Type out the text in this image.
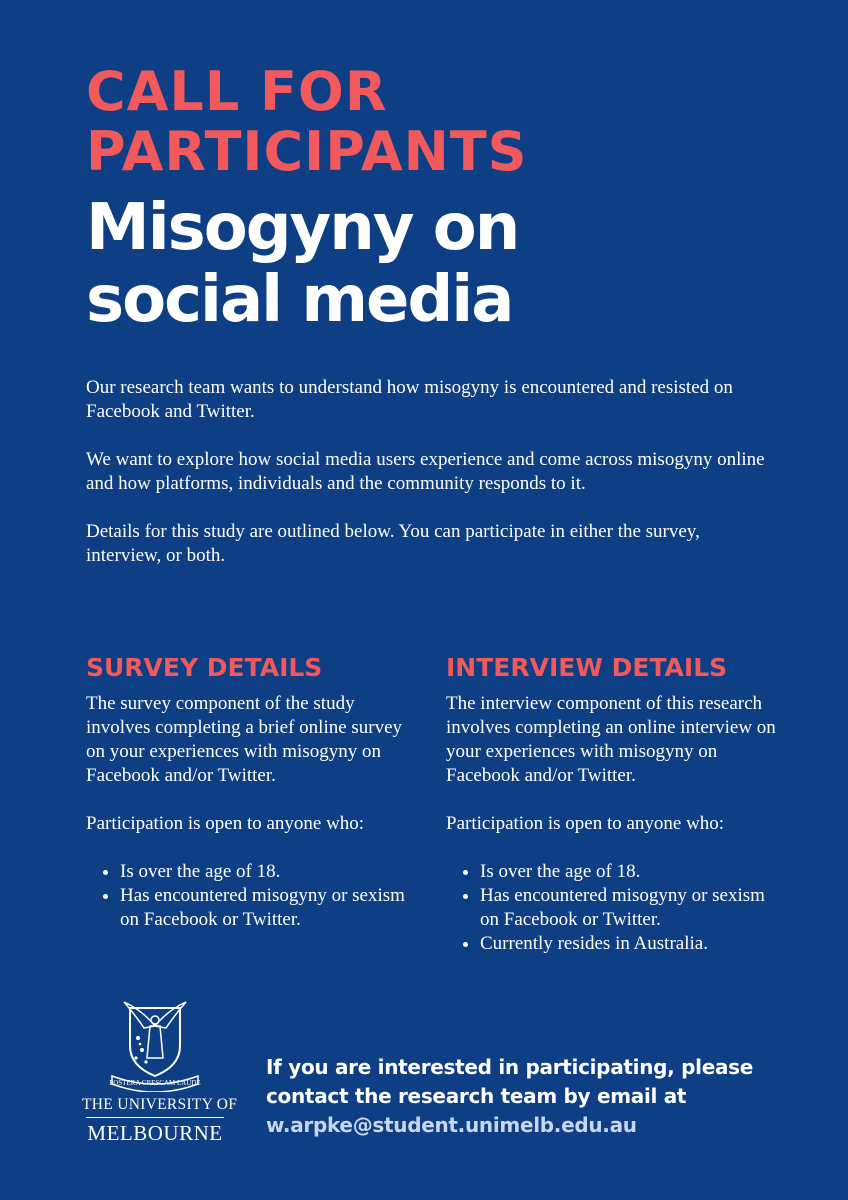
CALL FOR
PARTICIPANTS
Misogyny on
social media

Our research team wants to understand how misogyny is encountered and resisted on Facebook and Twitter.

We want to explore how social media users experience and come across misogyny online and how platforms, individuals and the community responds to it.

Details for this study are outlined below. You can participate in either the survey, interview, or both.

SURVEY DETAILS

The survey component of the study involves completing a brief online survey on your experiences with misogyny on Facebook and/or Twitter.

Participation is open to anyone who:

• Is over the age of 18.
• Has encountered misogyny or sexism on Facebook or Twitter.
INTERVIEW DETAILS

The interview component of this research involves completing an online interview on your experiences with misogyny on Facebook and/or Twitter.

Participation is open to anyone who:

• Is over the age of 18.
• Has encountered misogyny or sexism on Facebook or Twitter.
• Currently resides in Australia.
POSTERA CRESCAM LAUDE
THE UNIVERSITY OF
MELBOURNE

If you are interested in participating, please
contact the research team by email at
w.arpke@student.unimelb.edu.au
